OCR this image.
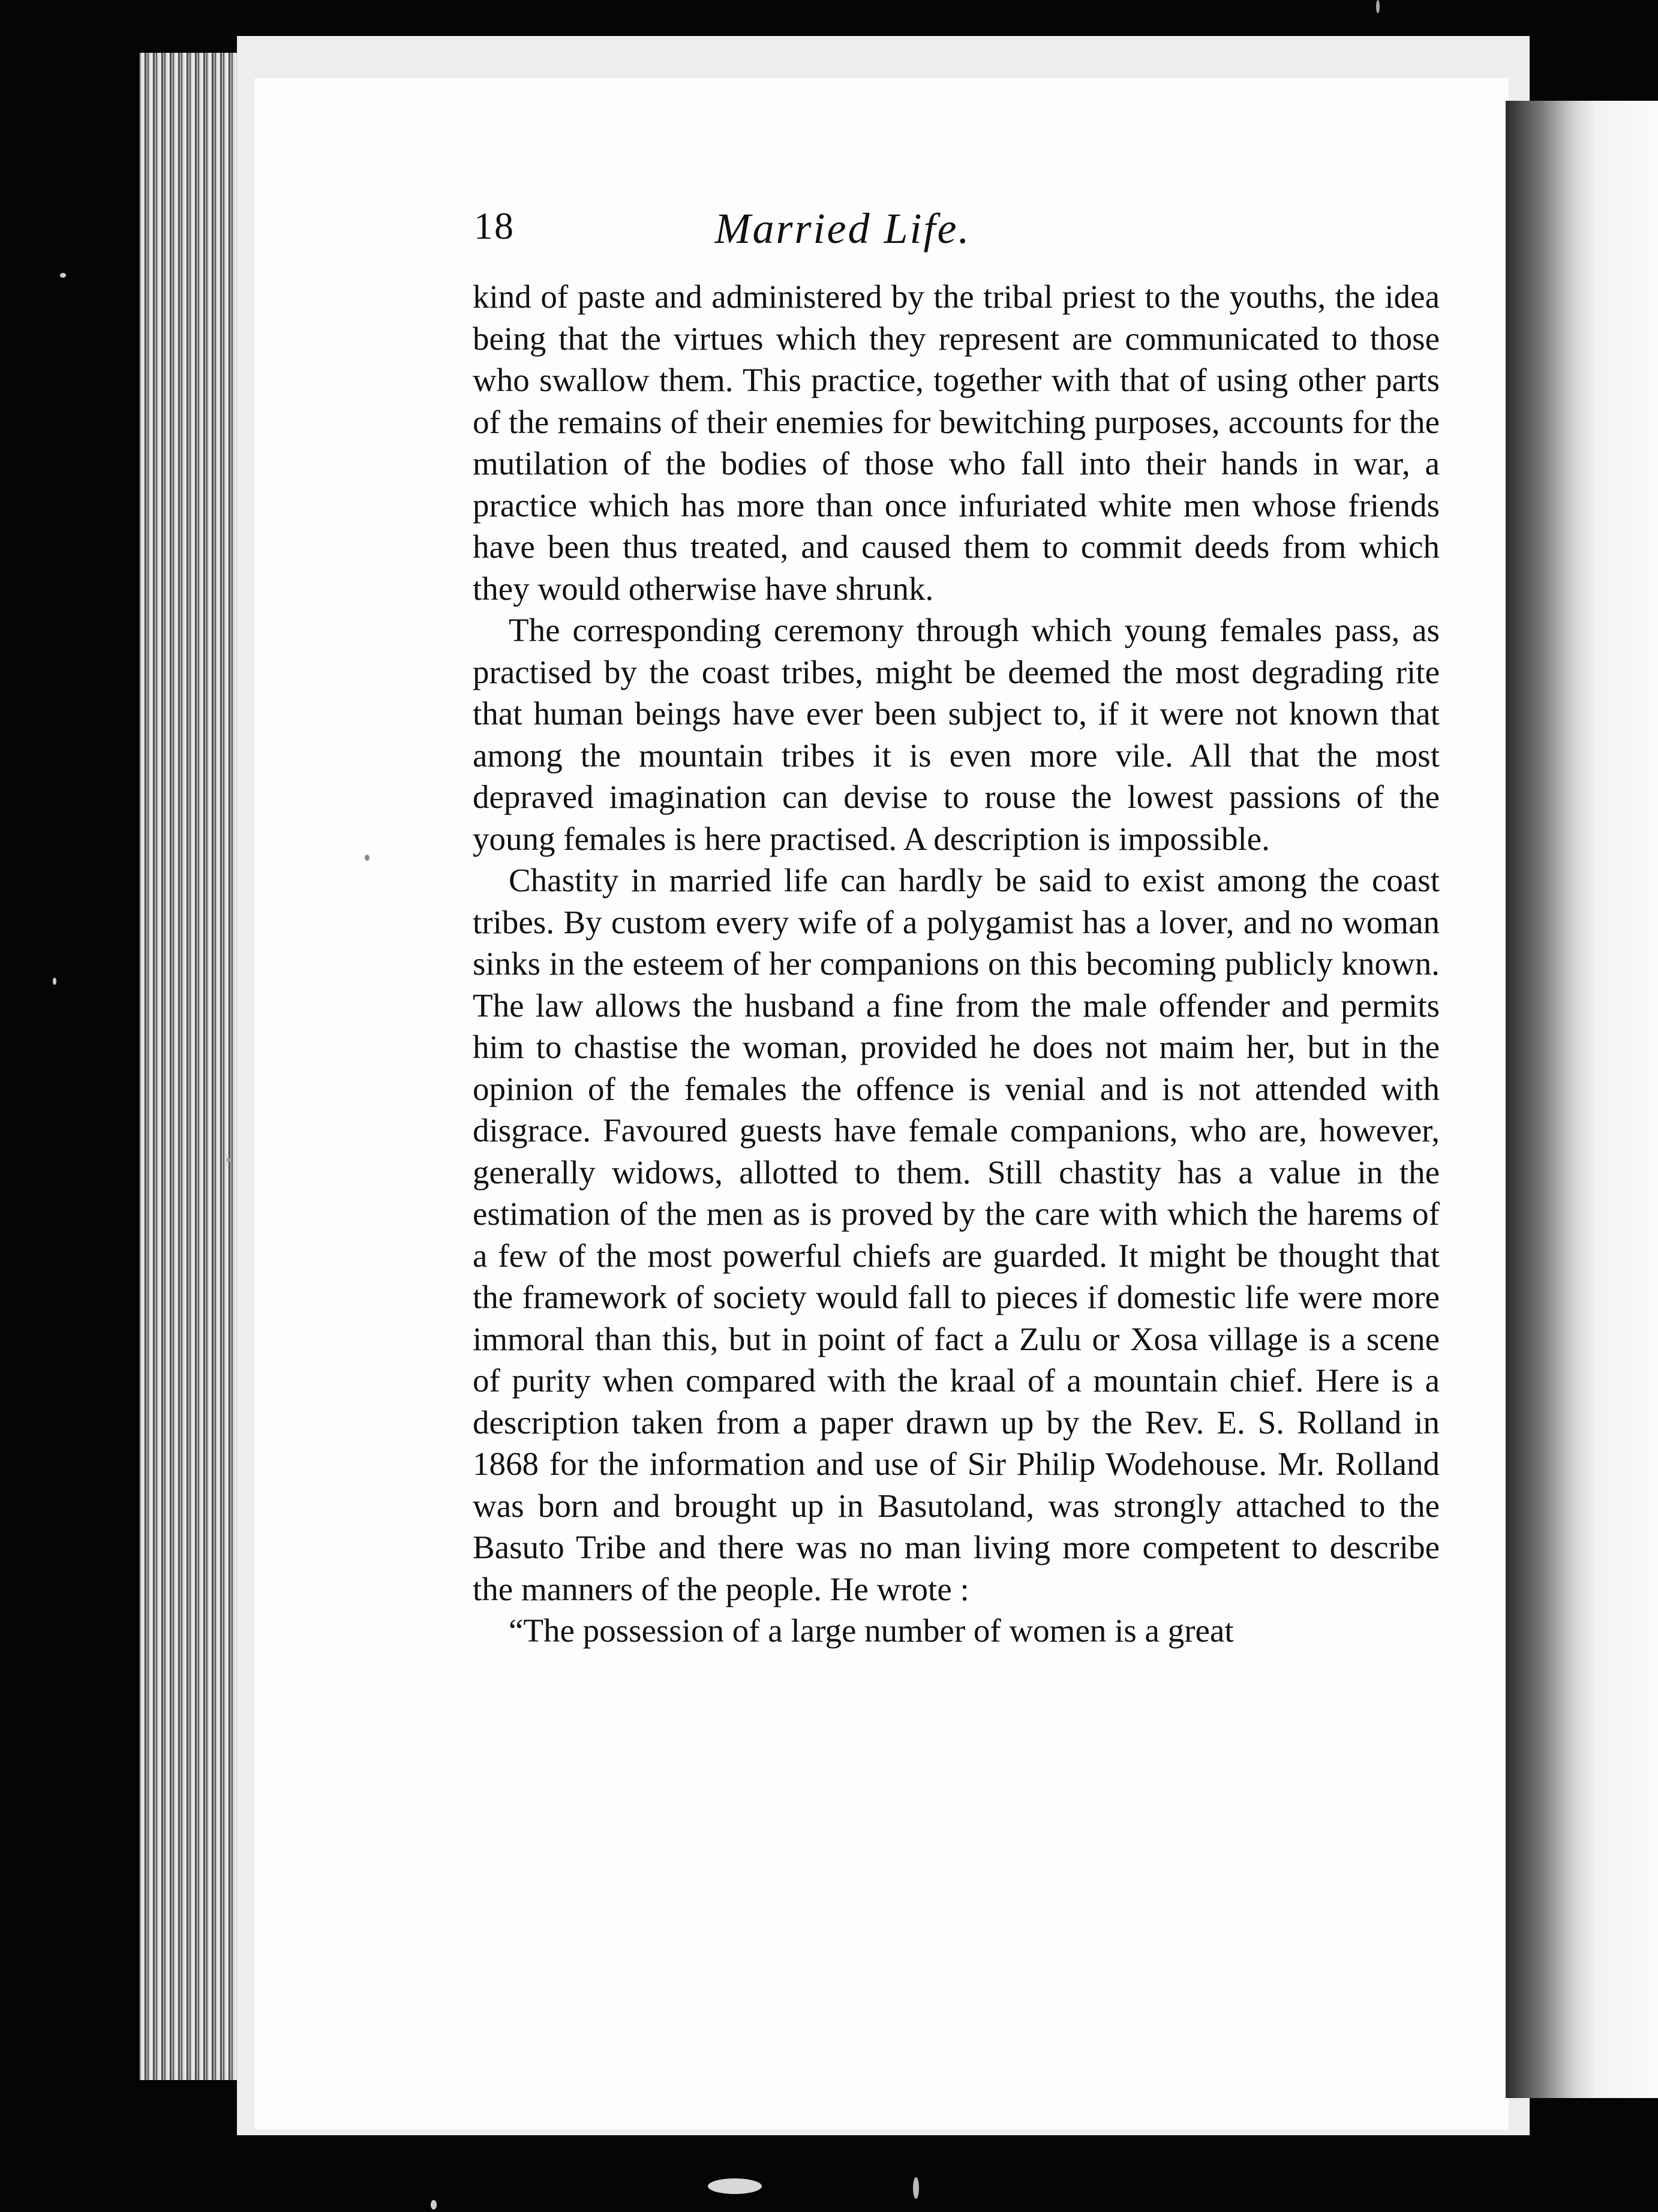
18	Married Life.

kind of paste and administered by the tribal priest to the youths, the idea being that the virtues which they represent are communicated to those who swallow them. This practice, together with that of using other parts of the remains of their enemies for bewitching purposes, accounts for the mutilation of the bodies of those who fall into their hands in war, a practice which has more than once infuriated white men whose friends have been thus treated, and caused them to commit deeds from which they would otherwise have shrunk.

The corresponding ceremony through which young females pass, as practised by the coast tribes, might be deemed the most degrading rite that human beings have ever been subject to, if it were not known that among the mountain tribes it is even more vile. All that the most depraved imagination can devise to rouse the lowest passions of the young females is here practised. A description is impossible.

Chastity in married life can hardly be said to exist among the coast tribes. By custom every wife of a polygamist has a lover, and no woman sinks in the esteem of her companions on this becoming publicly known. The law allows the husband a fine from the male offender and permits him to chastise the woman, provided he does not maim her, but in the opinion of the females the offence is venial and is not attended with disgrace. Favoured guests have female companions, who are, however, generally widows, allotted to them. Still chastity has a value in the estimation of the men as is proved by the care with which the harems of a few of the most powerful chiefs are guarded. It might be thought that the framework of society would fall to pieces if domestic life were more immoral than this, but in point of fact a Zulu or Xosa village is a scene of purity when compared with the kraal of a mountain chief. Here is a description taken from a paper drawn up by the Rev. E. S. Rolland in 1868 for the information and use of Sir Philip Wodehouse. Mr. Rolland was born and brought up in Basutoland, was strongly attached to the Basuto Tribe and there was no man living more competent to describe the manners of the people. He wrote :

“The possession of a large number of women is a great
